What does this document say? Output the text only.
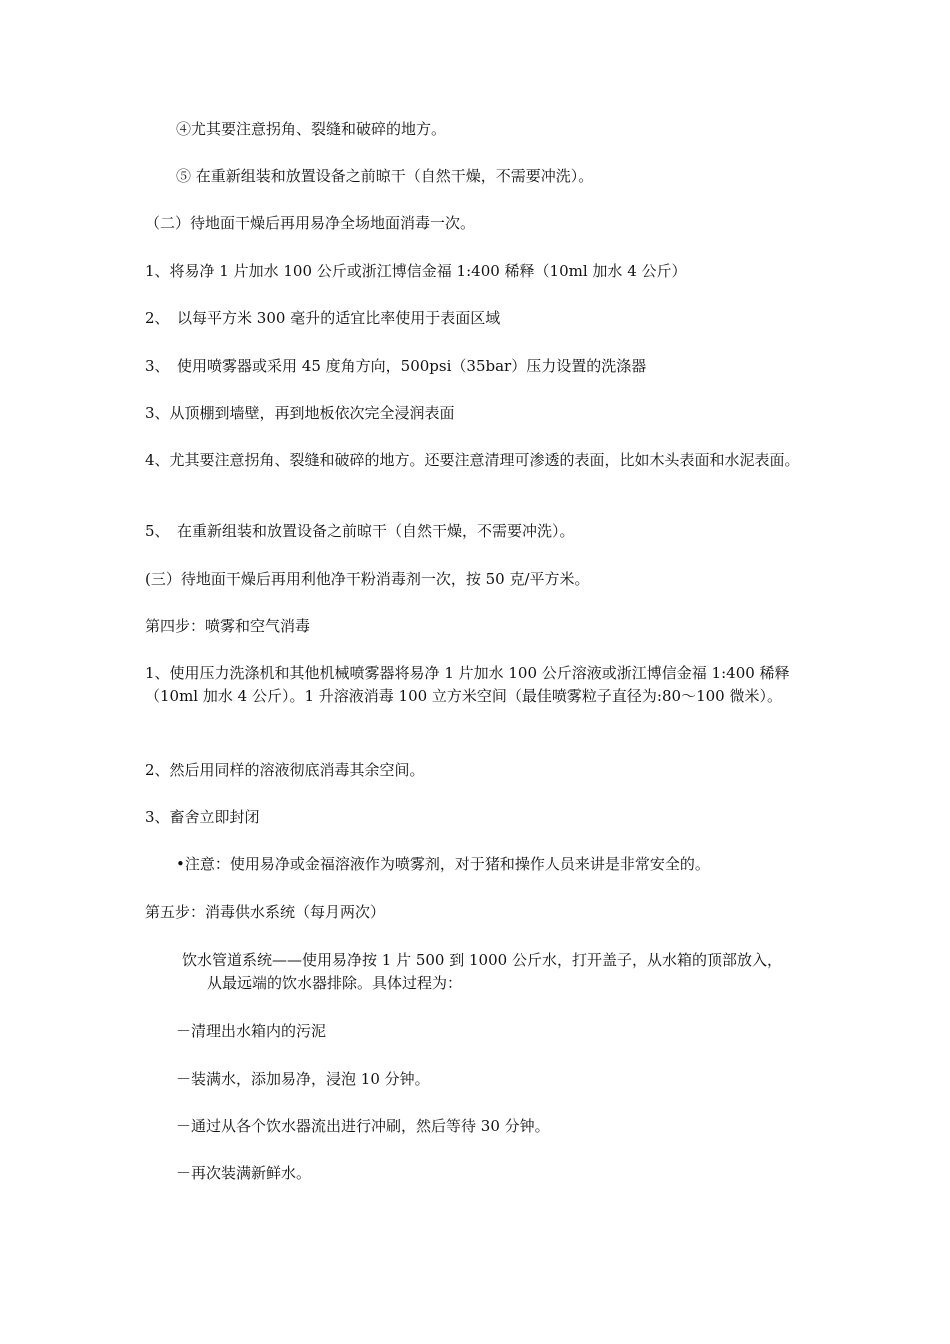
④尤其要注意拐角、裂缝和破碎的地方。

⑤ 在重新组装和放置设备之前晾干（自然干燥，不需要冲洗）。

（二）待地面干燥后再用易净全场地面消毒一次。

1、将易净 1 片加水 100 公斤或浙江博信金福 1:400 稀释（10ml 加水 4 公斤）

2、　以每平方米 300 毫升的适宜比率使用于表面区域

3、　使用喷雾器或采用 45 度角方向，500psi（35bar）压力设置的洗涤器

3、从顶棚到墙壁，再到地板依次完全浸润表面

4、尤其要注意拐角、裂缝和破碎的地方。还要注意清理可渗透的表面，比如木头表面和水泥表面。

5、　在重新组装和放置设备之前晾干（自然干燥，不需要冲洗）。

(三）待地面干燥后再用利他净干粉消毒剂一次，按 50 克/平方米。

第四步：喷雾和空气消毒

1、使用压力洗涤机和其他机械喷雾器将易净 1 片加水 100 公斤溶液或浙江博信金福 1:400 稀释（10ml 加水 4 公斤）。1 升溶液消毒 100 立方米空间（最佳喷雾粒子直径为:80～100 微米）。

2、然后用同样的溶液彻底消毒其余空间。

3、畜舍立即封闭

•注意：使用易净或金福溶液作为喷雾剂，对于猪和操作人员来讲是非常安全的。

第五步：消毒供水系统（每月两次）

饮水管道系统——使用易净按 1 片 500 到 1000 公斤水，打开盖子，从水箱的顶部放入，

从最远端的饮水器排除。具体过程为：

－清理出水箱内的污泥

－装满水，添加易净，浸泡 10 分钟。

－通过从各个饮水器流出进行冲刷，然后等待 30 分钟。

－再次装满新鲜水。
